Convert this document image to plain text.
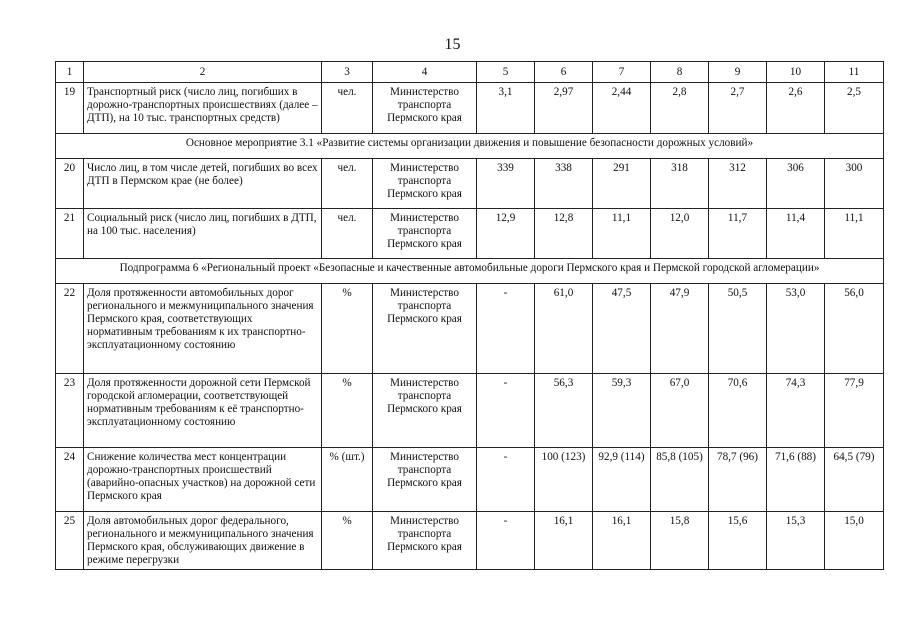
15
1	2	3	4	5	6	7	8	9	10	11
19	Транспортный риск (число лиц, погибших в дорожно-транспортных происшествиях (далее – ДТП), на 10 тыс. транспортных средств)	чел.	Министерство транспорта Пермского края	3,1	2,97	2,44	2,8	2,7	2,6	2,5
Основное мероприятие 3.1 «Развитие системы организации движения и повышение безопасности дорожных условий»										
20	Число лиц, в том числе детей, погибших во всех ДТП в Пермском крае (не более)	чел.	Министерство транспорта Пермского края	339	338	291	318	312	306	300
21	Социальный риск (число лиц, погибших в ДТП, на 100 тыс. населения)	чел.	Министерство транспорта Пермского края	12,9	12,8	11,1	12,0	11,7	11,4	11,1
Подпрограмма 6 «Региональный проект «Безопасные и качественные автомобильные дороги Пермского края и Пермской городской агломерации»										
22	Доля протяженности автомобильных дорог регионального и межмуниципального значения Пермского края, соответствующих нормативным требованиям к их транспортно-эксплуатационному состоянию	%	Министерство транспорта Пермского края	-	61,0	47,5	47,9	50,5	53,0	56,0
23	Доля протяженности дорожной сети Пермской городской агломерации, соответствующей нормативным требованиям к её транспортно-эксплуатационному состоянию	%	Министерство транспорта Пермского края	-	56,3	59,3	67,0	70,6	74,3	77,9
24	Снижение количества мест концентрации дорожно-транспортных происшествий (аварийно-опасных участков) на дорожной сети Пермского края	% (шт.)	Министерство транспорта Пермского края	-	100 (123)	92,9 (114)	85,8 (105)	78,7 (96)	71,6 (88)	64,5 (79)
25	Доля автомобильных дорог федерального, регионального и межмуниципального значения Пермского края, обслуживающих движение в режиме перегрузки	%	Министерство транспорта Пермского края	-	16,1	16,1	15,8	15,6	15,3	15,0
